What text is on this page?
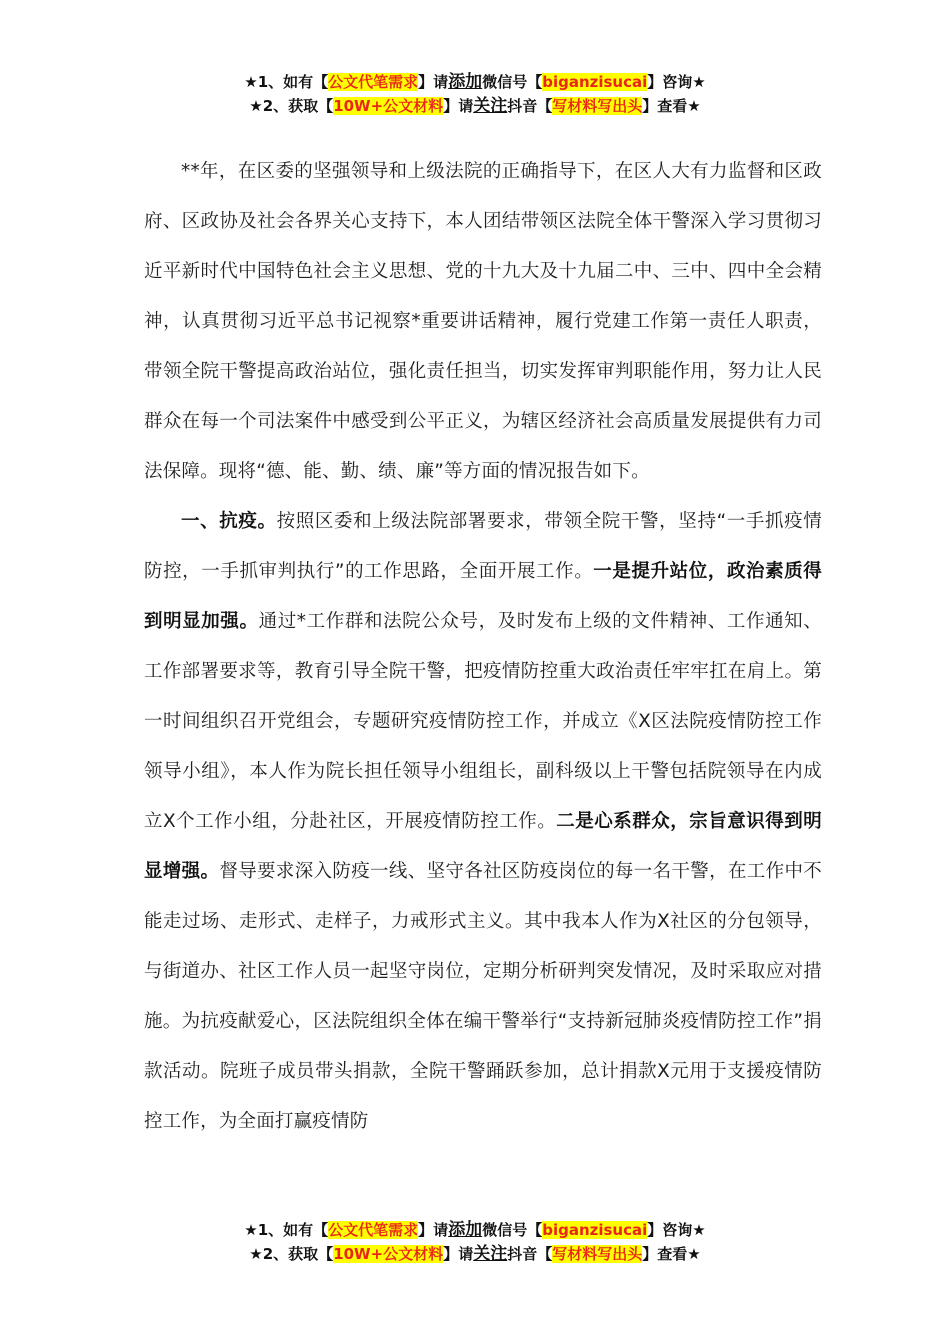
★1、如有【公文代笔需求】请添加微信号【biganzisucai】咨询★
★2、获取【10W+公文材料】请关注抖音【写材料写出头】查看★

**年，在区委的坚强领导和上级法院的正确指导下，在区人大有力监督和区政府、区政协及社会各界关心支持下，本人团结带领区法院全体干警深入学习贯彻习近平新时代中国特色社会主义思想、党的十九大及十九届二中、三中、四中全会精神，认真贯彻习近平总书记视察*重要讲话精神，履行党建工作第一责任人职责，带领全院干警提高政治站位，强化责任担当，切实发挥审判职能作用，努力让人民群众在每一个司法案件中感受到公平正义，为辖区经济社会高质量发展提供有力司法保障。现将“德、能、勤、绩、廉”等方面的情况报告如下。

一、抗疫。按照区委和上级法院部署要求，带领全院干警，坚持“一手抓疫情防控，一手抓审判执行”的工作思路，全面开展工作。一是提升站位，政治素质得到明显加强。通过*工作群和法院公众号，及时发布上级的文件精神、工作通知、工作部署要求等，教育引导全院干警，把疫情防控重大政治责任牢牢扛在肩上。第一时间组织召开党组会，专题研究疫情防控工作，并成立《X区法院疫情防控工作领导小组》，本人作为院长担任领导小组组长，副科级以上干警包括院领导在内成立X个工作小组，分赴社区，开展疫情防控工作。二是心系群众，宗旨意识得到明显增强。督导要求深入防疫一线、坚守各社区防疫岗位的每一名干警，在工作中不能走过场、走形式、走样子，力戒形式主义。其中我本人作为X社区的分包领导，与街道办、社区工作人员一起坚守岗位，定期分析研判突发情况，及时采取应对措施。为抗疫献爱心，区法院组织全体在编干警举行“支持新冠肺炎疫情防控工作”捐款活动。院班子成员带头捐款，全院干警踊跃参加，总计捐款X元用于支援疫情防控工作，为全面打赢疫情防

★1、如有【公文代笔需求】请添加微信号【biganzisucai】咨询★
★2、获取【10W+公文材料】请关注抖音【写材料写出头】查看★
